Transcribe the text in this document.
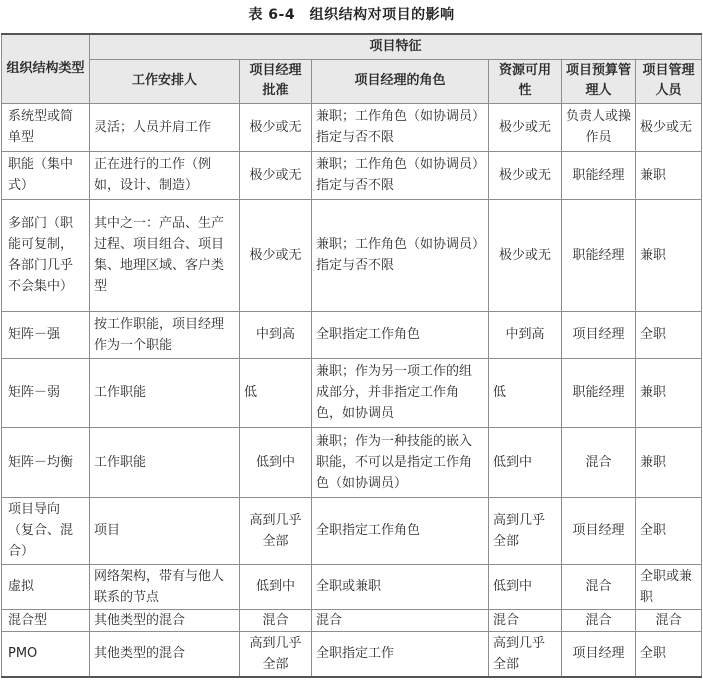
表 6-4　组织结构对项目的影响
组织结构类型	项目特征					
	工作安排人	项目经理批准	项目经理的角色	资源可用性	项目预算管理人	项目管理人员
系统型或简单型	灵活；人员并肩工作	极少或无	兼职；工作角色（如协调员）指定与否不限	极少或无	负责人或操作员	极少或无
职能（集中式）	正在进行的工作（例如，设计、制造）	极少或无	兼职；工作角色（如协调员）指定与否不限	极少或无	职能经理	兼职
多部门（职能可复制，各部门几乎不会集中）	其中之一：产品、生产过程、项目组合、项目集、地理区域、客户类型	极少或无	兼职；工作角色（如协调员）指定与否不限	极少或无	职能经理	兼职
矩阵－强	按工作职能，项目经理作为一个职能	中到高	全职指定工作角色	中到高	项目经理	全职
矩阵－弱	工作职能	低	兼职；作为另一项工作的组成部分，并非指定工作角色，如协调员	低	职能经理	兼职
矩阵－均衡	工作职能	低到中	兼职；作为一种技能的嵌入职能，不可以是指定工作角色（如协调员）	低到中	混合	兼职
项目导向（复合、混合）	项目	高到几乎全部	全职指定工作角色	高到几乎全部	项目经理	全职
虚拟	网络架构，带有与他人联系的节点	低到中	全职或兼职	低到中	混合	全职或兼职
混合型	其他类型的混合	混合	混合	混合	混合	混合
PMO	其他类型的混合	高到几乎全部	全职指定工作	高到几乎全部	项目经理	全职
